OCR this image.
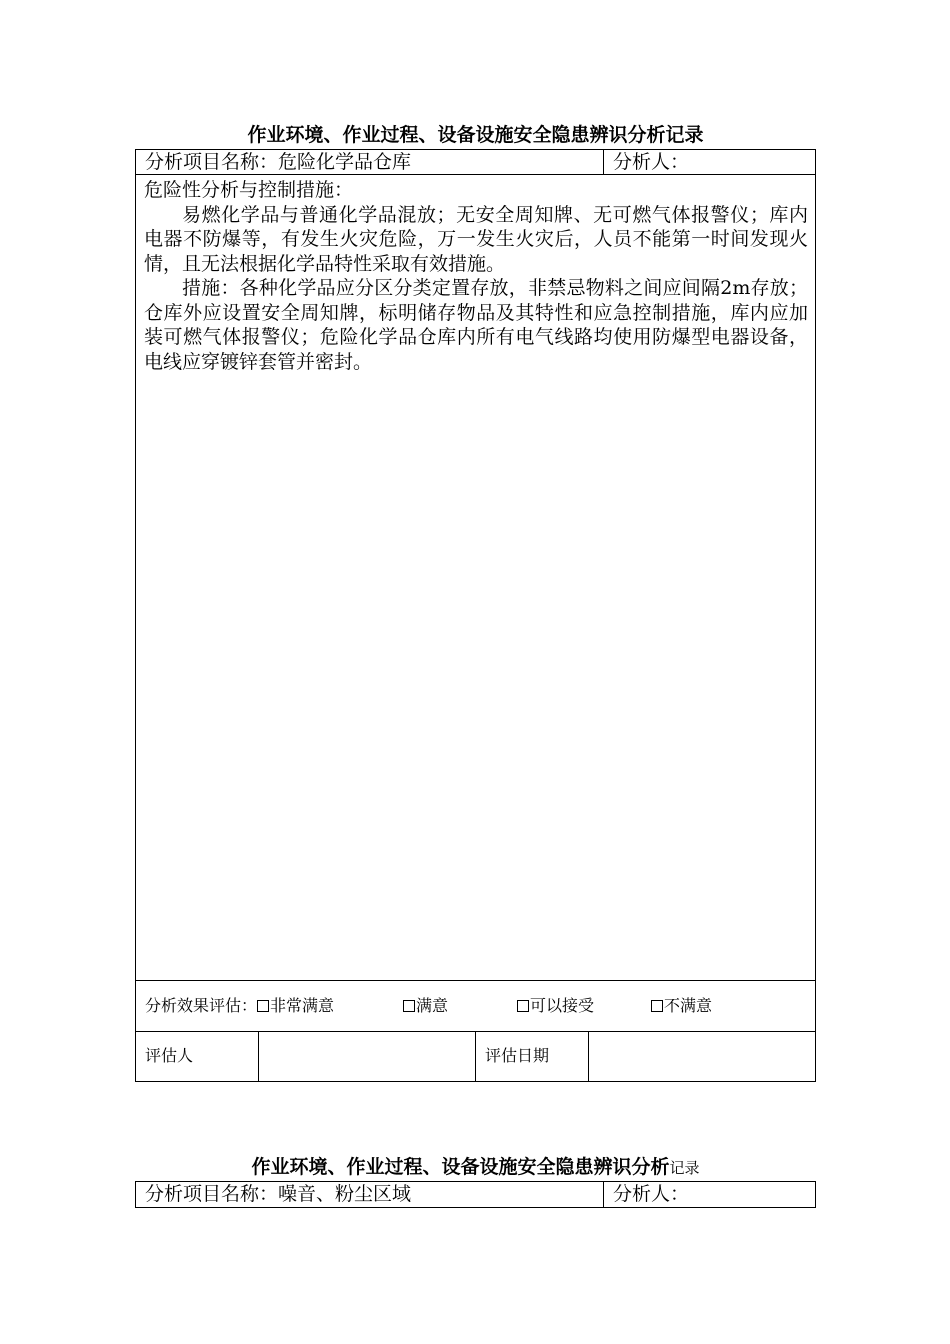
作业环境、作业过程、设备设施安全隐患辨识分析记录
分析项目名称：危险化学品仓库	分析人：

危险性分析与控制措施：

易燃化学品与普通化学品混放；无安全周知牌、无可燃气体报警仪；库内电器不防爆等，有发生火灾危险，万一发生火灾后，人员不能第一时间发现火情，且无法根据化学品特性采取有效措施。

措施：各种化学品应分区分类定置存放，非禁忌物料之间应间隔2m存放；仓库外应设置安全周知牌，标明储存物品及其特性和应急控制措施，库内应加装可燃气体报警仪；危险化学品仓库内所有电气线路均使用防爆型电器设备，电线应穿镀锌套管并密封。

分析效果评估： 非常满意	满意	可以接受	不满意
评估人	评估日期
作业环境、作业过程、设备设施安全隐患辨识分析记录
分析项目名称：噪音、粉尘区域	分析人：
